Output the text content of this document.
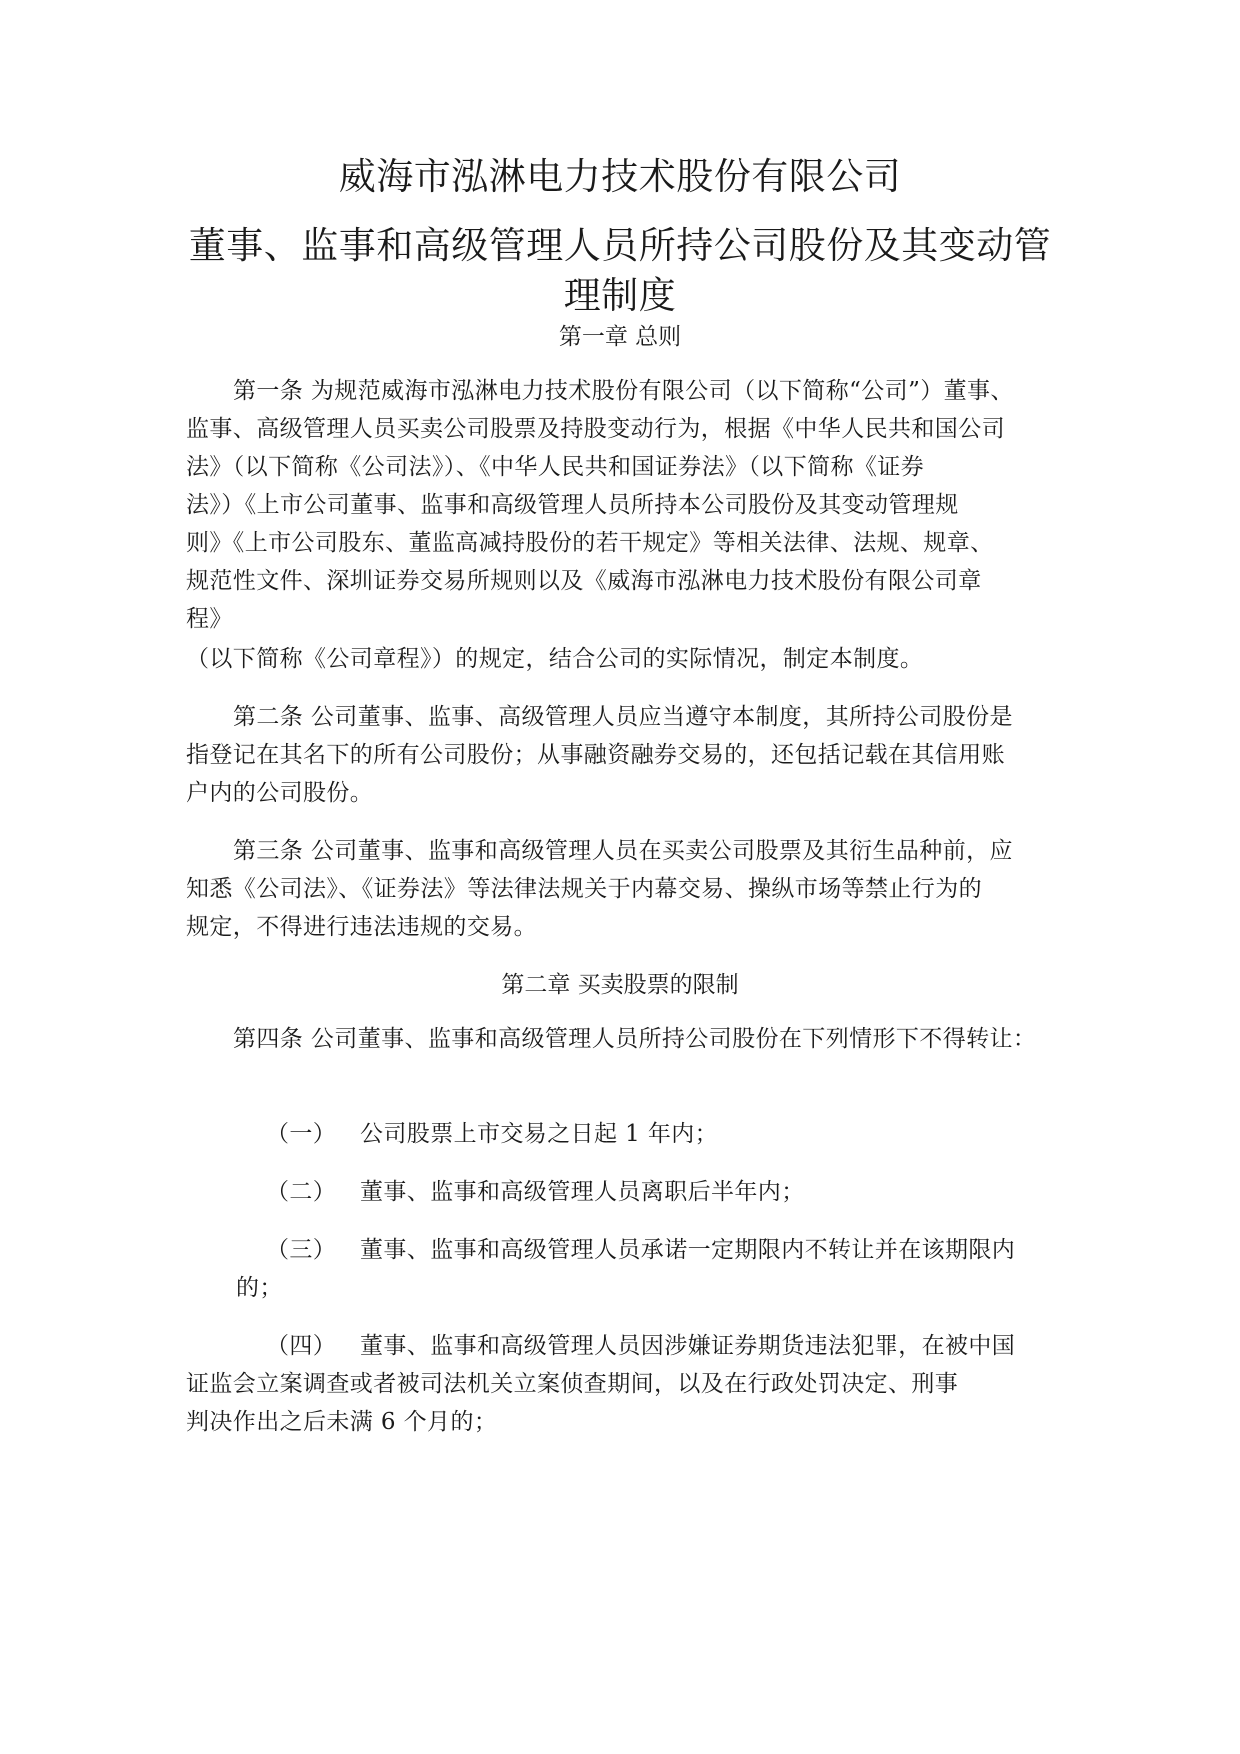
威海市泓淋电力技术股份有限公司
董事、监事和高级管理人员所持公司股份及其变动管
理制度
第一章 总则
第一条 为规范威海市泓淋电力技术股份有限公司（以下简称“公司”）董事、
监事、高级管理人员买卖公司股票及持股变动行为，根据《中华人民共和国公司
法》（以下简称《公司法》）、《中华人民共和国证券法》（以下简称《证券
法》）《上市公司董事、监事和高级管理人员所持本公司股份及其变动管理规
则》《上市公司股东、董监高减持股份的若干规定》等相关法律、法规、规章、
规范性文件、深圳证券交易所规则以及《威海市泓淋电力技术股份有限公司章
程》
（以下简称《公司章程》）的规定，结合公司的实际情况，制定本制度。
第二条 公司董事、监事、高级管理人员应当遵守本制度，其所持公司股份是
指登记在其名下的所有公司股份；从事融资融券交易的，还包括记载在其信用账
户内的公司股份。
第三条 公司董事、监事和高级管理人员在买卖公司股票及其衍生品种前，应
知悉《公司法》、《证券法》等法律法规关于内幕交易、操纵市场等禁止行为的
规定，不得进行违法违规的交易。
第二章 买卖股票的限制
第四条 公司董事、监事和高级管理人员所持公司股份在下列情形下不得转让：
（一） 公司股票上市交易之日起 1 年内；
（二） 董事、监事和高级管理人员离职后半年内；
（三） 董事、监事和高级管理人员承诺一定期限内不转让并在该期限内
的；
（四） 董事、监事和高级管理人员因涉嫌证券期货违法犯罪，在被中国
证监会立案调查或者被司法机关立案侦查期间，以及在行政处罚决定、刑事
判决作出之后未满 6 个月的；
